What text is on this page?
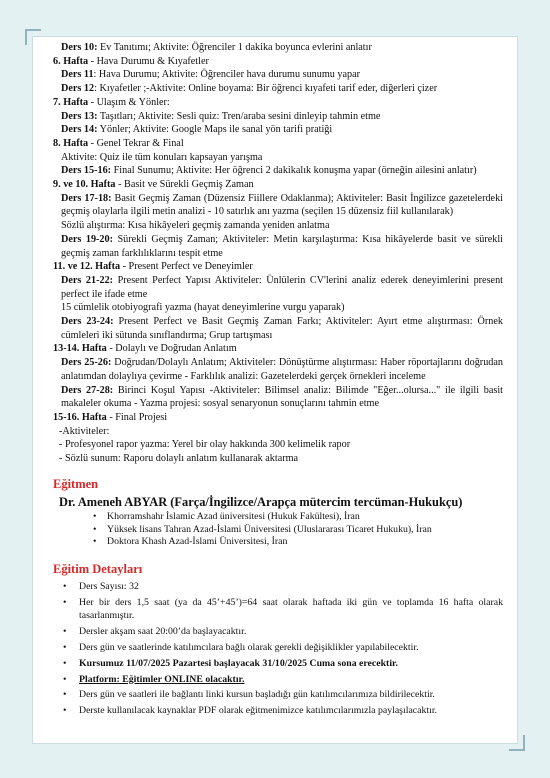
Ders 10: Ev Tanıtımı; Aktivite: Öğrenciler 1 dakika boyunca evlerini anlatır
6. Hafta - Hava Durumu & Kıyafetler
Ders 11: Hava Durumu; Aktivite: Öğrenciler hava durumu sunumu yapar
Ders 12: Kıyafetler ;-Aktivite: Online boyama: Bir öğrenci kıyafeti tarif eder, diğerleri çizer
7. Hafta - Ulaşım & Yönler:
Ders 13: Taşıtları; Aktivite: Sesli quiz: Tren/araba sesini dinleyip tahmin etme
Ders 14: Yönler; Aktivite: Google Maps ile sanal yön tarifi pratiği
8. Hafta - Genel Tekrar & Final
Aktivite: Quiz ile tüm konuları kapsayan yarışma
Ders 15-16: Final Sunumu; Aktivite: Her öğrenci 2 dakikalık konuşma yapar (örneğin ailesini anlatır)
9. ve 10. Hafta - Basit ve Sürekli Geçmiş Zaman
Ders 17-18: Basit Geçmiş Zaman (Düzensiz Fiillere Odaklanma); Aktiviteler: Basit İngilizce gazetelerdeki geçmiş olaylarla ilgili metin analizi - 10 satırlık anı yazma (seçilen 15 düzensiz fiil kullanılarak)
Sözlü alıştırma: Kısa hikâyeleri geçmiş zamanda yeniden anlatma
Ders 19-20: Sürekli Geçmiş Zaman; Aktiviteler: Metin karşılaştırma: Kısa hikâyelerde basit ve sürekli geçmiş zaman farklılıklarını tespit etme
11. ve 12. Hafta - Present Perfect ve Deneyimler
Ders 21-22: Present Perfect Yapısı Aktiviteler: Ünlülerin CV'lerini analiz ederek deneyimlerini present perfect ile ifade etme
15 cümlelik otobiyografi yazma (hayat deneyimlerine vurgu yaparak)
Ders 23-24: Present Perfect ve Basit Geçmiş Zaman Farkı; Aktiviteler: Ayırt etme alıştırması: Örnek cümleleri iki sütunda sınıflandırma; Grup tartışması
13-14. Hafta - Dolaylı ve Doğrudan Anlatım
Ders 25-26: Doğrudan/Dolaylı Anlatım; Aktiviteler: Dönüştürme alıştırması: Haber röportajlarını doğrudan anlatımdan dolaylıya çevirme - Farklılık analizi: Gazetelerdeki gerçek örnekleri inceleme
Ders 27-28: Birinci Koşul Yapısı -Aktiviteler: Bilimsel analiz: Bilimde "Eğer...olursa..." ile ilgili basit makaleler okuma - Yazma projesi: sosyal senaryonun sonuçlarını tahmin etme
15-16. Hafta - Final Projesi
-Aktiviteler:
- Profesyonel rapor yazma: Yerel bir olay hakkında 300 kelimelik rapor
- Sözlü sunum: Raporu dolaylı anlatım kullanarak aktarma
Eğitmen
Dr. Ameneh ABYAR (Farça/İngilizce/Arapça mütercim tercüman-Hukukçu)
• Khorramshahr İslamic Azad üniversitesi (Hukuk Fakültesi), İran
• Yüksek lisans Tahran Azad-İslami Üniversitesi (Uluslararası Ticaret Hukuku), İran
• Doktora Khash Azad-İslami Üniversitesi, İran
Eğitim Detayları
• Ders Sayısı: 32
• Her bir ders 1,5 saat (ya da 45’+45’)=64 saat olarak haftada iki gün ve toplamda 16 hafta olarak tasarlanmıştır.
• Dersler akşam saat 20:00’da başlayacaktır.
• Ders gün ve saatlerinde katılımcılara bağlı olarak gerekli değişiklikler yapılabilecektir.
• Kursumuz 11/07/2025 Pazartesi başlayacak 31/10/2025 Cuma sona erecektir.
• Platform: Eğitimler ONLINE olacaktır.
• Ders gün ve saatleri ile bağlantı linki kursun başladığı gün katılımcılarımıza bildirilecektir.
• Derste kullanılacak kaynaklar PDF olarak eğitmenimizce katılımcılarımızla paylaşılacaktır.
